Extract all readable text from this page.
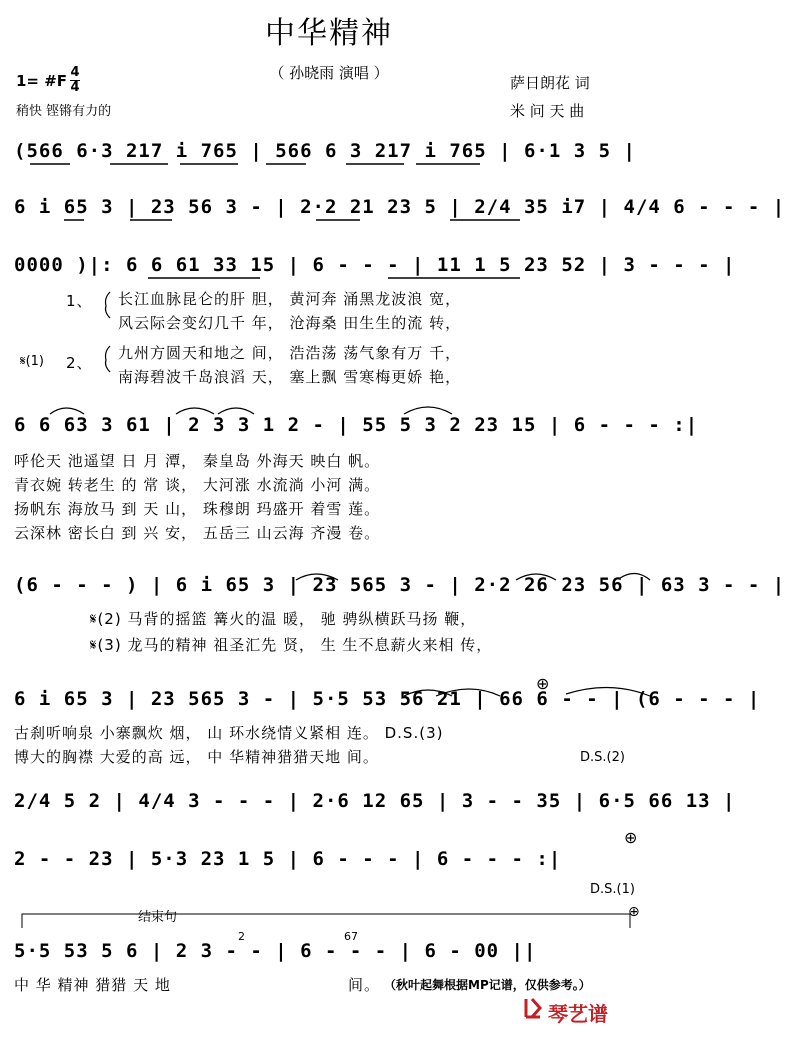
中华精神
（ 孙晓雨 演唱 ）
1= #F 4
4
稍快 铿锵有力的
萨日朗花 词
米 问 天 曲
(566 6·3 217 i 765 | 566 6 3 217 i 765 | 6·1 3 5 |
6 i 65 3 | 23 56 3 - | 2·2 21 23 5 | 2/4 35 i7 | 4/4 6 - - - |
0000 )|: 6 6 61 33 15 | 6 - - - | 11 1 5 23 52 | 3 - - - |
1、 长江血脉昆仑的肝 胆， 黄河奔 涌黑龙波浪 宽，
风云际会变幻几千 年， 沧海桑 田生生的流 转，
𝄋(1) 2、
九州方圆天和地之 间， 浩浩荡 荡气象有万 千，
南海碧波千岛浪滔 天， 塞上飘 雪寒梅更娇 艳，
6 6 63 3 61 | 2 3 3 1 2 - | 55 5 3 2 23 15 | 6 - - - :|
呼伦天 池遥望 日 月 潭， 秦皇岛 外海天 映白 帆。
青衣婉 转老生 的 常 谈， 大河涨 水流淌 小河 满。
扬帆东 海放马 到 天 山， 珠穆朗 玛盛开 着雪 莲。
云深林 密长白 到 兴 安， 五岳三 山云海 齐漫 卷。
(6 - - - ) | 6 i 65 3 | 23 565 3 - | 2·2 26 23 56 | 63 3 - - |
𝄋(2) 马背的摇篮 篝火的温 暖， 驰 骋纵横跃马扬 鞭，
𝄋(3) 龙马的精神 祖圣汇先 贤， 生 生不息薪火来相 传，
⊕
6 i 65 3 | 23 565 3 - | 5·5 53 56 21 | 66 6 - - | (6 - - - |
古刹听响泉 小寨飘炊 烟， 山 环水绕情义紧相 连。 D.S.(3)
博大的胸襟 大爱的高 远， 中 华精神猎猎天地 间。	D.S.(2)
2/4 5 2 | 4/4 3 - - - | 2·6 12 65 | 3 - - 35 | 6·5 66 13 |
⊕
2 - - 23 | 5·3 23 1 5 | 6 - - - | 6 - - - :|
D.S.(1)
结束句	⊕
2	67
5·5 53 5 6 | 2 3 - - | 6 - - - | 6 - 00 ||
中 华 精神 猎猎 天 地	间。 （秋叶起舞根据MP记谱，仅供参考。）
琴艺谱
